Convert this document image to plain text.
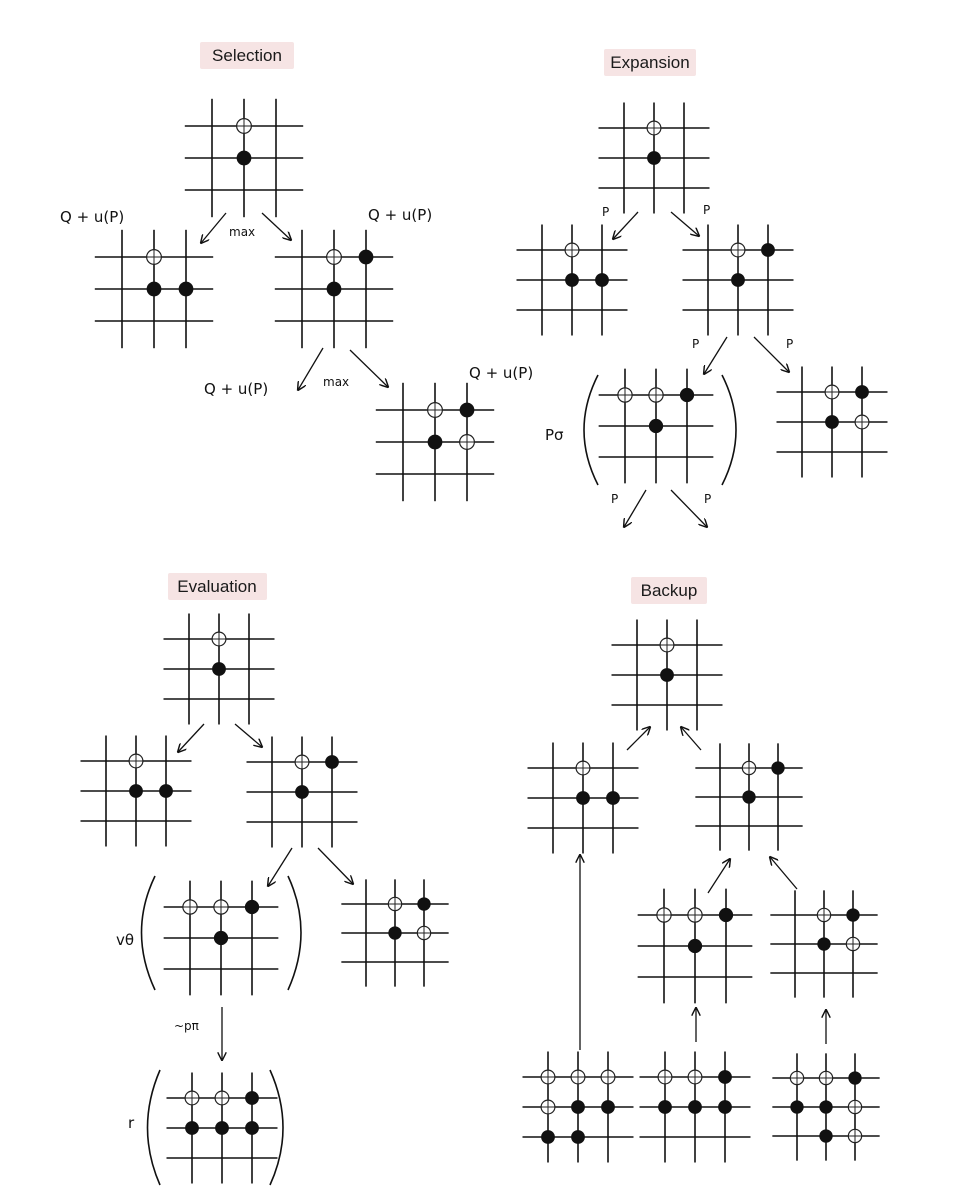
Selection	Expansion
Evaluation	Backup
Q + u(P)	Q + u(P)
max
Q + u(P)	max	Q + u(P)
P	P
P	P
Pσ
P	P
vθ
~pπ
r
